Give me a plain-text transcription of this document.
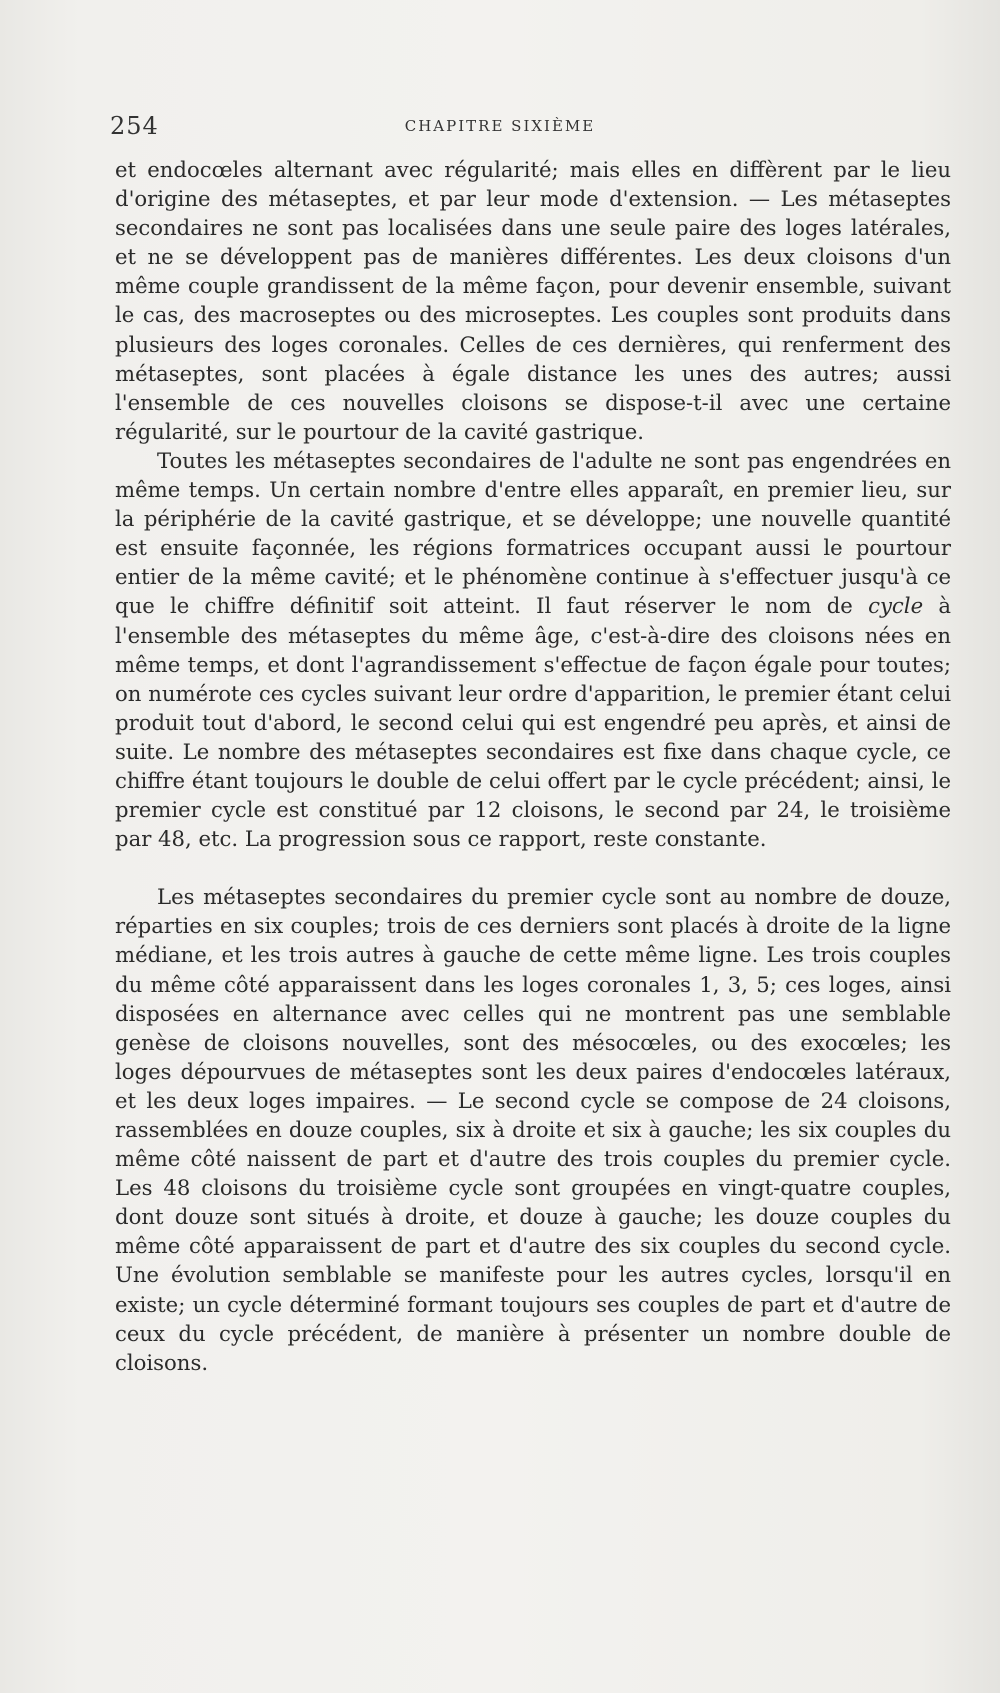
254	CHAPITRE SIXIÈME

et endocœles alternant avec régularité; mais elles en diffèrent par le lieu d'origine des métaseptes, et par leur mode d'extension. — Les métaseptes secondaires ne sont pas localisées dans une seule paire des loges latérales, et ne se développent pas de manières différentes. Les deux cloisons d'un même couple grandissent de la même façon, pour devenir ensemble, suivant le cas, des macroseptes ou des microseptes. Les couples sont produits dans plusieurs des loges coronales. Celles de ces dernières, qui renferment des métaseptes, sont placées à égale distance les unes des autres; aussi l'ensemble de ces nouvelles cloisons se dispose-t-il avec une certaine régularité, sur le pourtour de la cavité gastrique.

Toutes les métaseptes secondaires de l'adulte ne sont pas engendrées en même temps. Un certain nombre d'entre elles apparaît, en premier lieu, sur la périphérie de la cavité gastrique, et se développe; une nouvelle quantité est ensuite façonnée, les régions formatrices occupant aussi le pourtour entier de la même cavité; et le phénomène continue à s'effectuer jusqu'à ce que le chiffre définitif soit atteint. Il faut réserver le nom de cycle à l'ensemble des métaseptes du même âge, c'est-à-dire des cloisons nées en même temps, et dont l'agrandissement s'effectue de façon égale pour toutes; on numérote ces cycles suivant leur ordre d'apparition, le premier étant celui produit tout d'abord, le second celui qui est engendré peu après, et ainsi de suite. Le nombre des métaseptes secondaires est fixe dans chaque cycle, ce chiffre étant toujours le double de celui offert par le cycle précédent; ainsi, le premier cycle est constitué par 12 cloisons, le second par 24, le troisième par 48, etc. La progression sous ce rapport, reste constante.

Les métaseptes secondaires du premier cycle sont au nombre de douze, réparties en six couples; trois de ces derniers sont placés à droite de la ligne médiane, et les trois autres à gauche de cette même ligne. Les trois couples du même côté apparaissent dans les loges coronales 1, 3, 5; ces loges, ainsi disposées en alternance avec celles qui ne montrent pas une semblable genèse de cloisons nouvelles, sont des mésocœles, ou des exocœles; les loges dépourvues de métaseptes sont les deux paires d'endocœles latéraux, et les deux loges impaires. — Le second cycle se compose de 24 cloisons, rassemblées en douze couples, six à droite et six à gauche; les six couples du même côté naissent de part et d'autre des trois couples du premier cycle. Les 48 cloisons du troisième cycle sont groupées en vingt-quatre couples, dont douze sont situés à droite, et douze à gauche; les douze couples du même côté apparaissent de part et d'autre des six couples du second cycle. Une évolution semblable se manifeste pour les autres cycles, lorsqu'il en existe; un cycle déterminé formant toujours ses couples de part et d'autre de ceux du cycle précédent, de manière à présenter un nombre double de cloisons.
